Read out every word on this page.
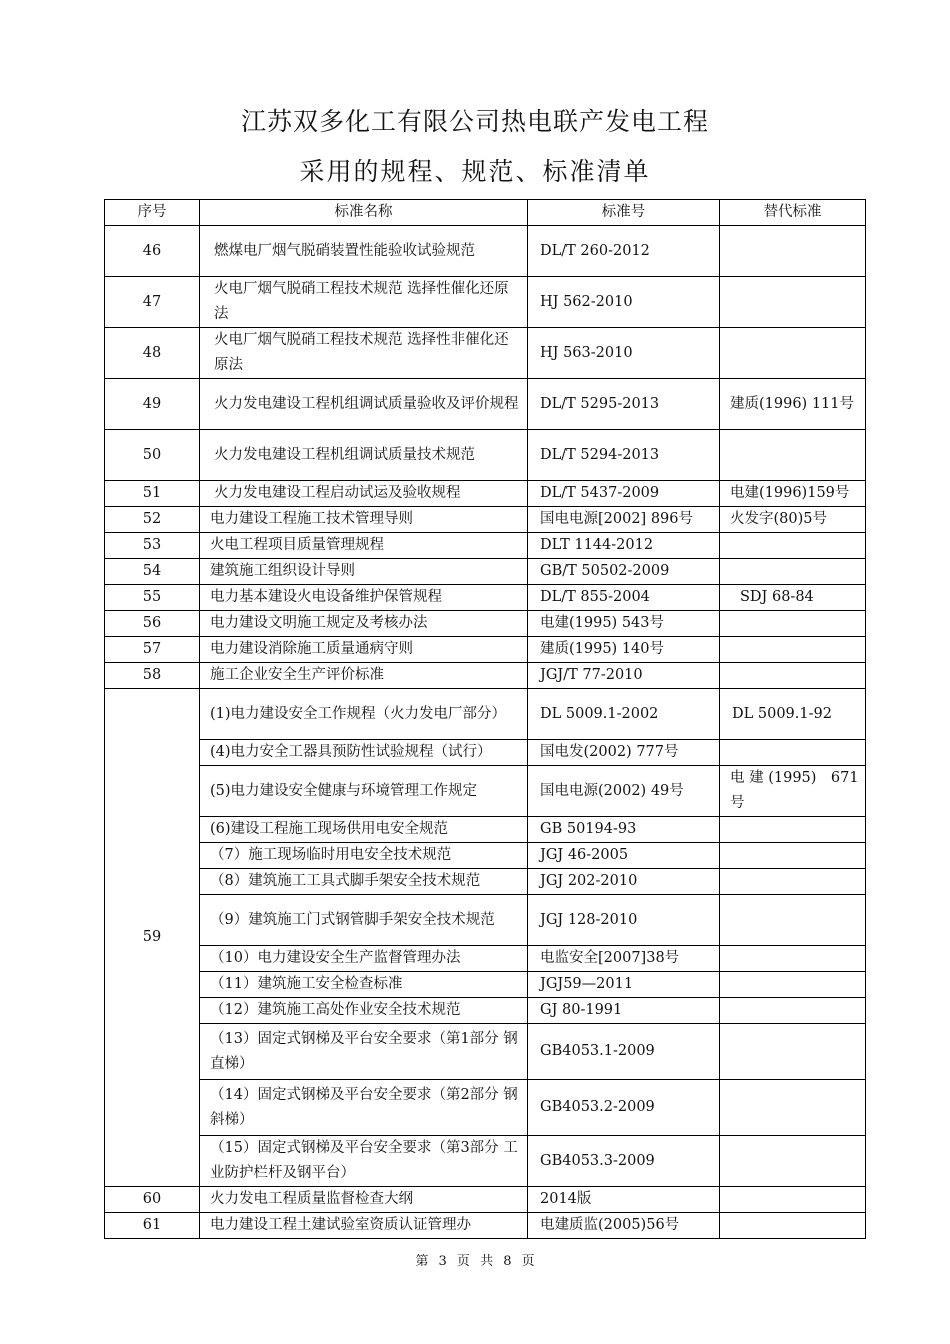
江苏双多化工有限公司热电联产发电工程
采用的规程、规范、标准清单
序号	标准名称	标准号	替代标准
46	燃煤电厂烟气脱硝装置性能验收试验规范	DL/T 260-2012	
47	火电厂烟气脱硝工程技术规范 选择性催化还原法	HJ 562-2010	
48	火电厂烟气脱硝工程技术规范 选择性非催化还原法	HJ 563-2010	
49	火力发电建设工程机组调试质量验收及评价规程	DL/T 5295-2013	建质(1996) 111号
50	火力发电建设工程机组调试质量技术规范	DL/T 5294-2013	
51	火力发电建设工程启动试运及验收规程	DL/T 5437-2009	电建(1996)159号
52	电力建设工程施工技术管理导则	国电电源[2002] 896号	火发字(80)5号
53	火电工程项目质量管理规程	DLT 1144-2012	
54	建筑施工组织设计导则	GB/T 50502-2009	
55	电力基本建设火电设备维护保管规程	DL/T 855-2004	SDJ 68-84
56	电力建设文明施工规定及考核办法	电建(1995) 543号	
57	电力建设消除施工质量通病守则	建质(1995) 140号	
58	施工企业安全生产评价标准	JGJ/T 77-2010	
59	(1)电力建设安全工作规程（火力发电厂部分）	DL 5009.1-2002	DL 5009.1-92
	(4)电力安全工器具预防性试验规程（试行）	国电发(2002) 777号	
	(5)电力建设安全健康与环境管理工作规定	国电电源(2002) 49号	电 建 (1995)　671号
	(6)建设工程施工现场供用电安全规范	GB 50194-93	
	（7）施工现场临时用电安全技术规范	JGJ 46-2005	
	（8）建筑施工工具式脚手架安全技术规范	JGJ 202-2010	
	（9）建筑施工门式钢管脚手架安全技术规范	JGJ 128-2010	
	（10）电力建设安全生产监督管理办法	电监安全[2007]38号	
	（11）建筑施工安全检查标准	JGJ59—2011	
	（12）建筑施工高处作业安全技术规范	GJ 80-1991	
	（13）固定式钢梯及平台安全要求（第1部分 钢直梯）	GB4053.1-2009	
	（14）固定式钢梯及平台安全要求（第2部分 钢斜梯）	GB4053.2-2009	
	（15）固定式钢梯及平台安全要求（第3部分 工业防护栏杆及钢平台）	GB4053.3-2009	
60	火力发电工程质量监督检查大纲	2014版	
61	电力建设工程土建试验室资质认证管理办	电建质监(2005)56号	
第 3 页 共 8 页
